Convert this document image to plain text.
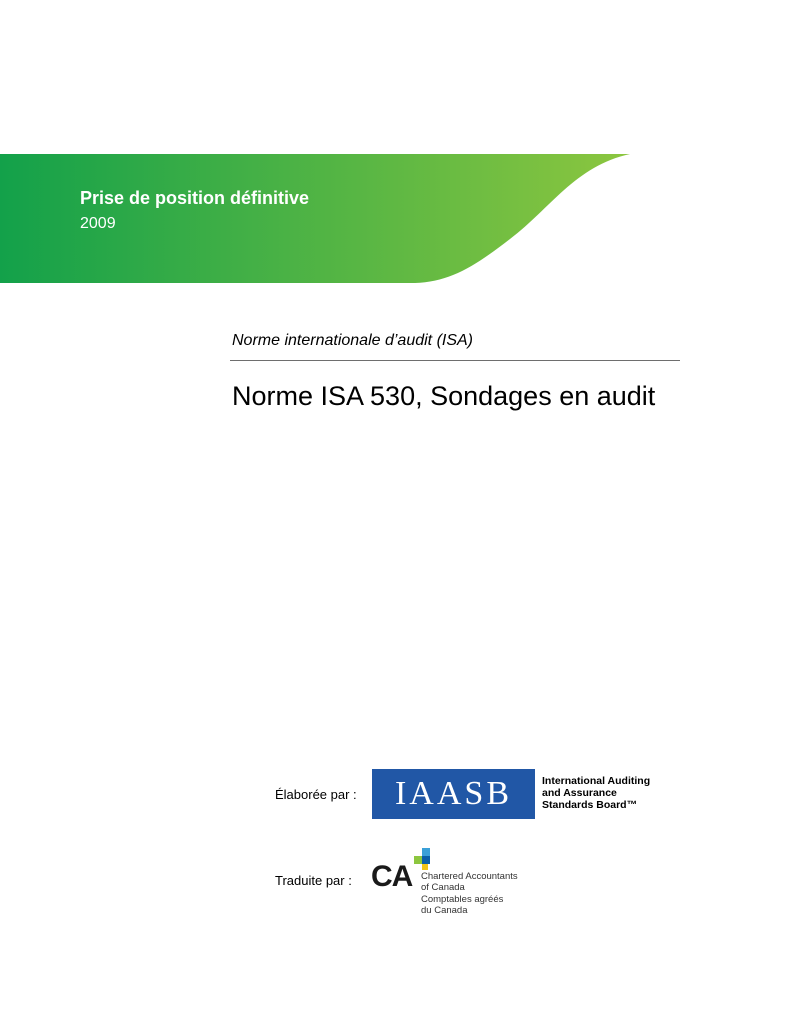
Prise de position définitive
2009
Norme internationale d’audit (ISA)
Norme ISA 530, Sondages en audit
Élaborée par :	IAASB	International Auditing
and Assurance
Standards Board™
Traduite par : CA Chartered Accountants
of Canada
Comptables agréés
du Canada
